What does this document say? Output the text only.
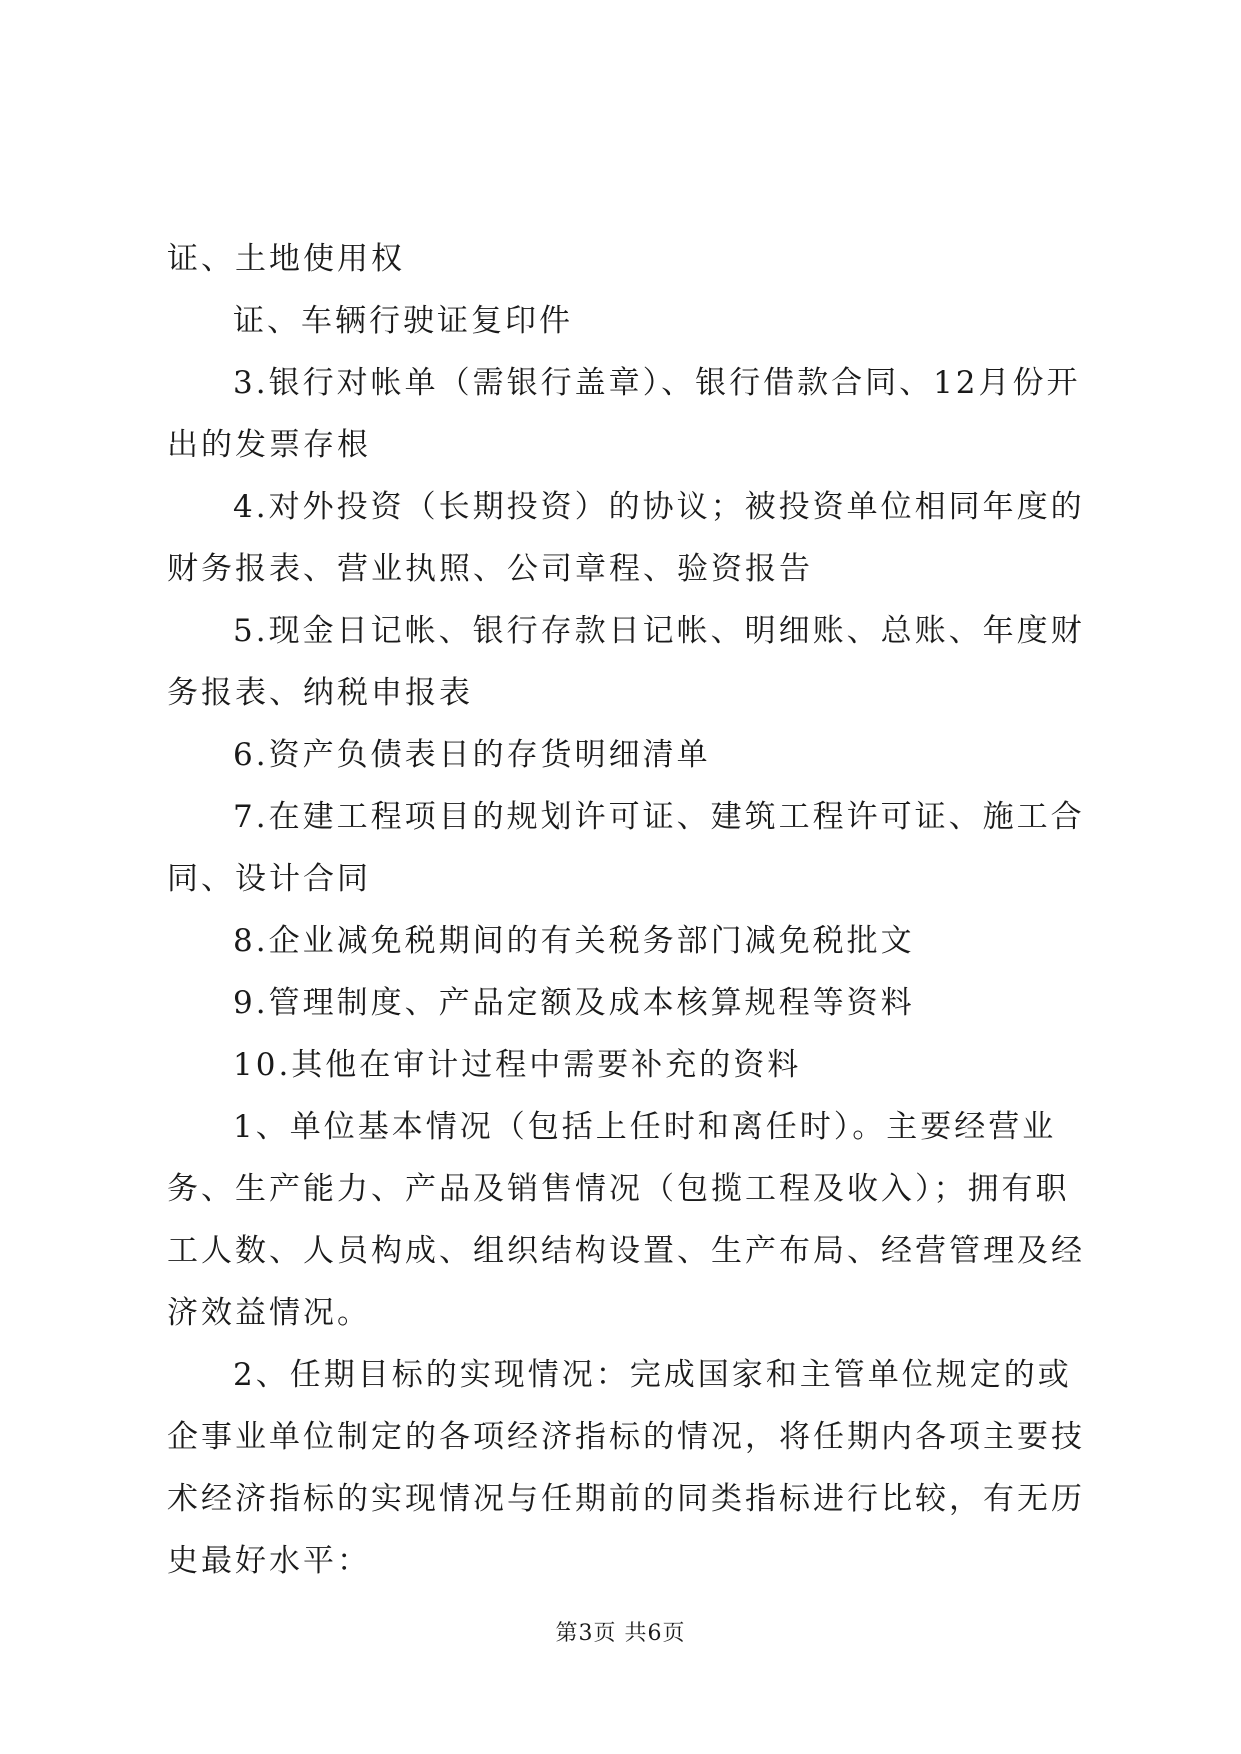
证、土地使用权

证、车辆行驶证复印件

3.银行对帐单（需银行盖章）、银行借款合同、12月份开出的发票存根

4.对外投资（长期投资）的协议；被投资单位相同年度的财务报表、营业执照、公司章程、验资报告

5.现金日记帐、银行存款日记帐、明细账、总账、年度财务报表、纳税申报表

6.资产负债表日的存货明细清单

7.在建工程项目的规划许可证、建筑工程许可证、施工合同、设计合同

8.企业减免税期间的有关税务部门减免税批文

9.管理制度、产品定额及成本核算规程等资料

10.其他在审计过程中需要补充的资料

1、单位基本情况（包括上任时和离任时）。主要经营业务、生产能力、产品及销售情况（包揽工程及收入）；拥有职工人数、人员构成、组织结构设置、生产布局、经营管理及经济效益情况。

2、任期目标的实现情况：完成国家和主管单位规定的或企事业单位制定的各项经济指标的情况，将任期内各项主要技术经济指标的实现情况与任期前的同类指标进行比较，有无历史最好水平：

第3页 共6页
